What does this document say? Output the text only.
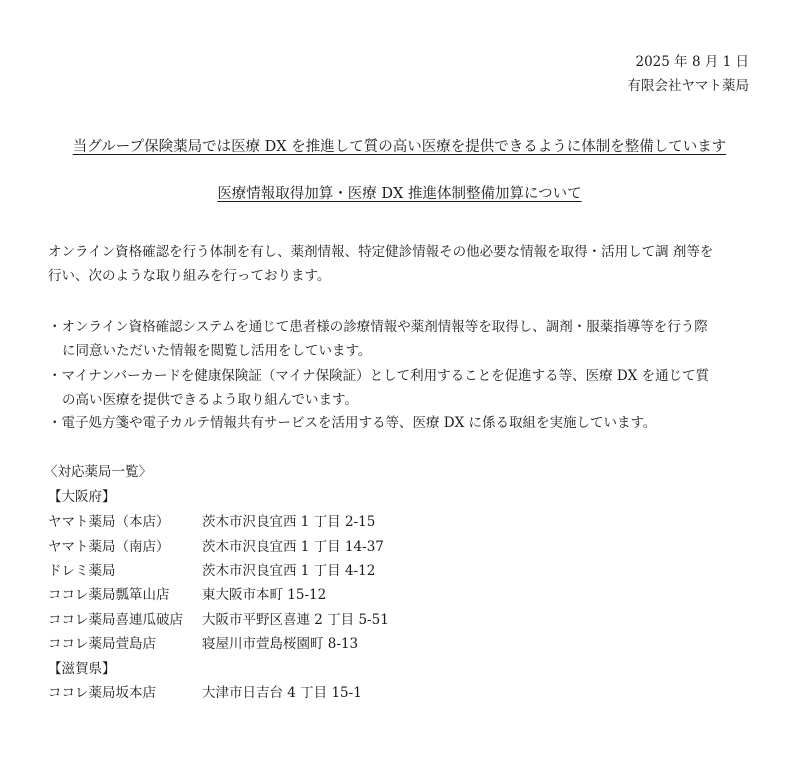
2025 年 8 月 1 日
有限会社ヤマト薬局
当グループ保険薬局では医療 DX を推進して質の高い医療を提供できるように体制を整備しています
医療情報取得加算・医療 DX 推進体制整備加算について
オンライン資格確認を行う体制を有し、薬剤情報、特定健診情報その他必要な情報を取得・活用して調 剤等を
行い、次のような取り組みを行っております。
・オンライン資格確認システムを通じて患者様の診療情報や薬剤情報等を取得し、調剤・服薬指導等を行う際
に同意いただいた情報を閲覧し活用をしています。
・マイナンバーカードを健康保険証（マイナ保険証）として利用することを促進する等、医療 DX を通じて質
の高い医療を提供できるよう取り組んでいます。
・電子処方箋や電子カルテ情報共有サービスを活用する等、医療 DX に係る取組を実施しています。
〈対応薬局一覧〉
【大阪府】
ヤマト薬局（本店） 茨木市沢良宜西 1 丁目 2-15
ヤマト薬局（南店） 茨木市沢良宜西 1 丁目 14-37
ドレミ薬局	茨木市沢良宜西 1 丁目 4-12
ココレ薬局瓢箪山店 東大阪市本町 15-12
ココレ薬局喜連瓜破店 大阪市平野区喜連 2 丁目 5-51
ココレ薬局萱島店	寝屋川市萱島桜園町 8-13
【滋賀県】
ココレ薬局坂本店	大津市日吉台 4 丁目 15-1
